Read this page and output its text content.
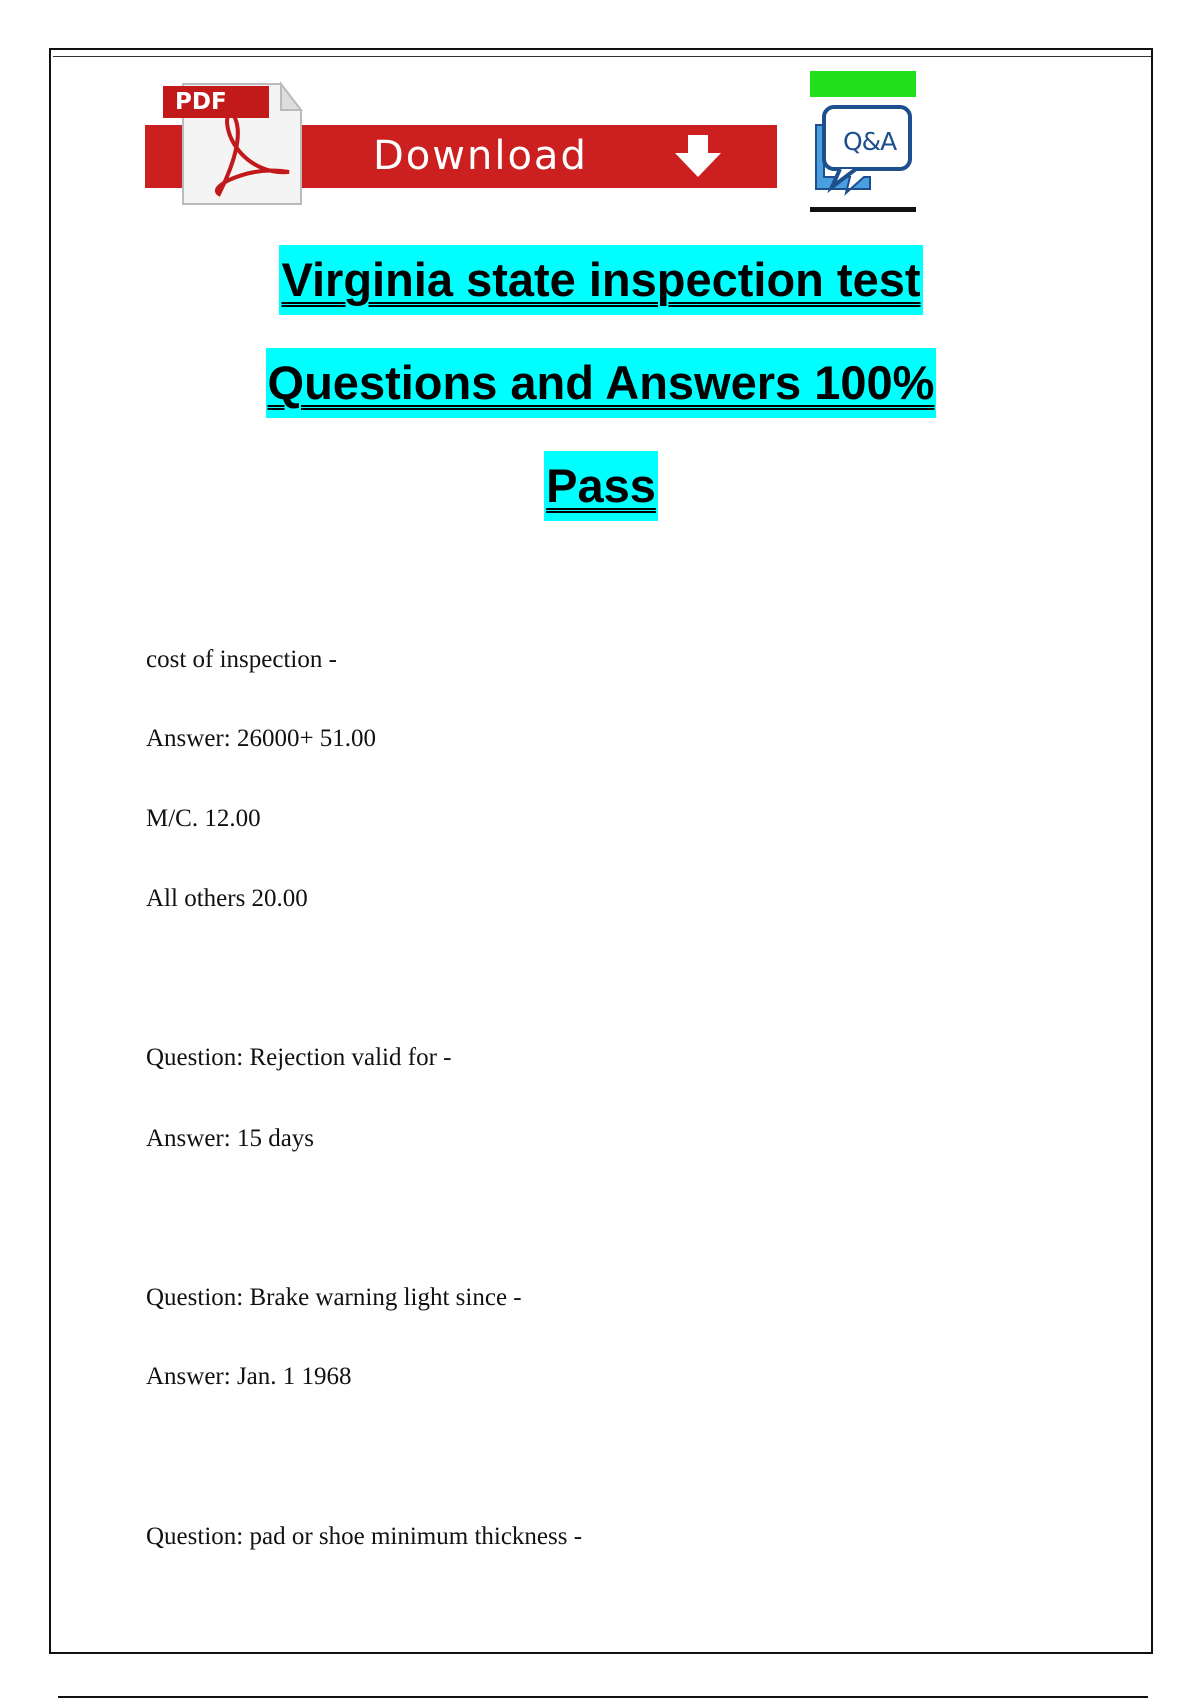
Download
PDF
Q&A
Virginia state inspection test
Questions and Answers 100%
Pass
cost of inspection -
Answer: 26000+ 51.00
M/C. 12.00
All others 20.00
Question: Rejection valid for -
Answer: 15 days
Question: Brake warning light since -
Answer: Jan. 1 1968
Question: pad or shoe minimum thickness -
